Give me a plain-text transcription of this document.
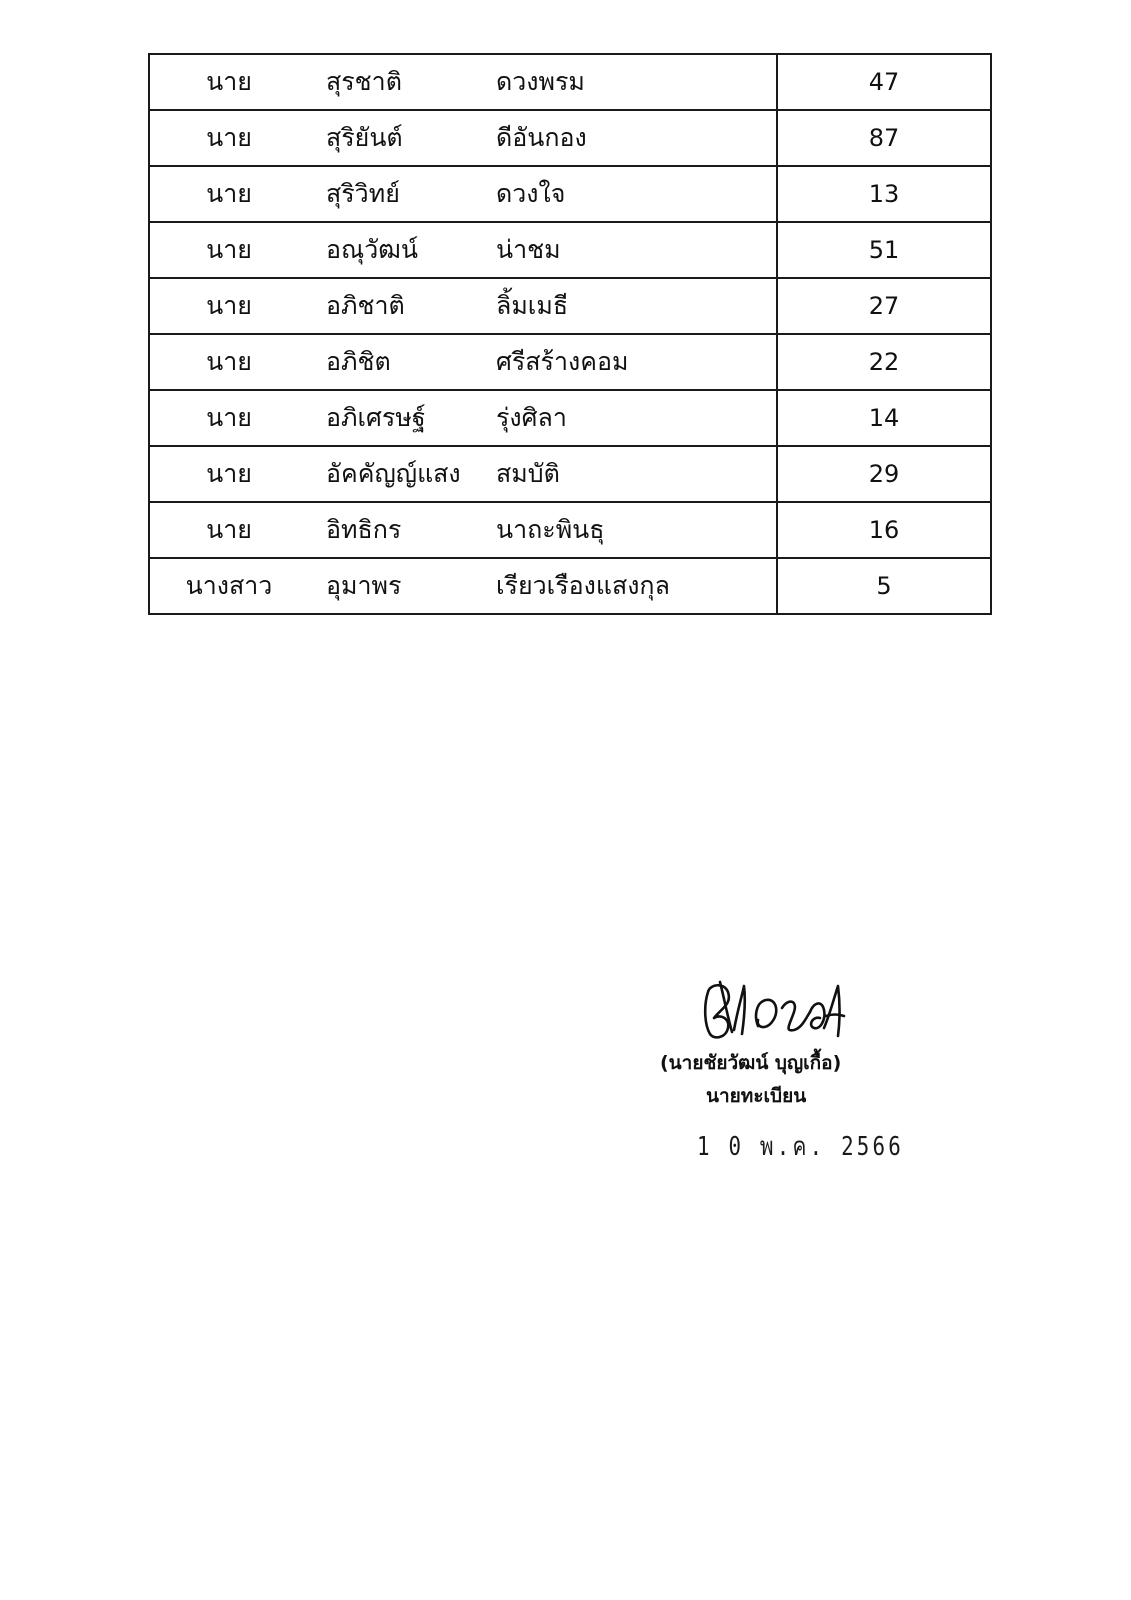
นาย	สุรชาติ	ดวงพรม	47
นาย	สุริยันต์	ดีอันกอง	87
นาย	สุริวิทย์	ดวงใจ	13
นาย	อณุวัฒน์	น่าชม	51
นาย	อภิชาติ	ลิ้มเมธี	27
นาย	อภิชิต	ศรีสร้างคอม	22
นาย	อภิเศรษฐ์	รุ่งศิลา	14
นาย	อัคคัญญ์แสง	สมบัติ	29
นาย	อิทธิกร	นาถะพินธุ	16
นางสาว	อุมาพร	เรียวเรืองแสงกุล	5
(นายชัยวัฒน์ บุญเกื้อ)
นายทะเบียน
1 0 พ.ค. 2566
